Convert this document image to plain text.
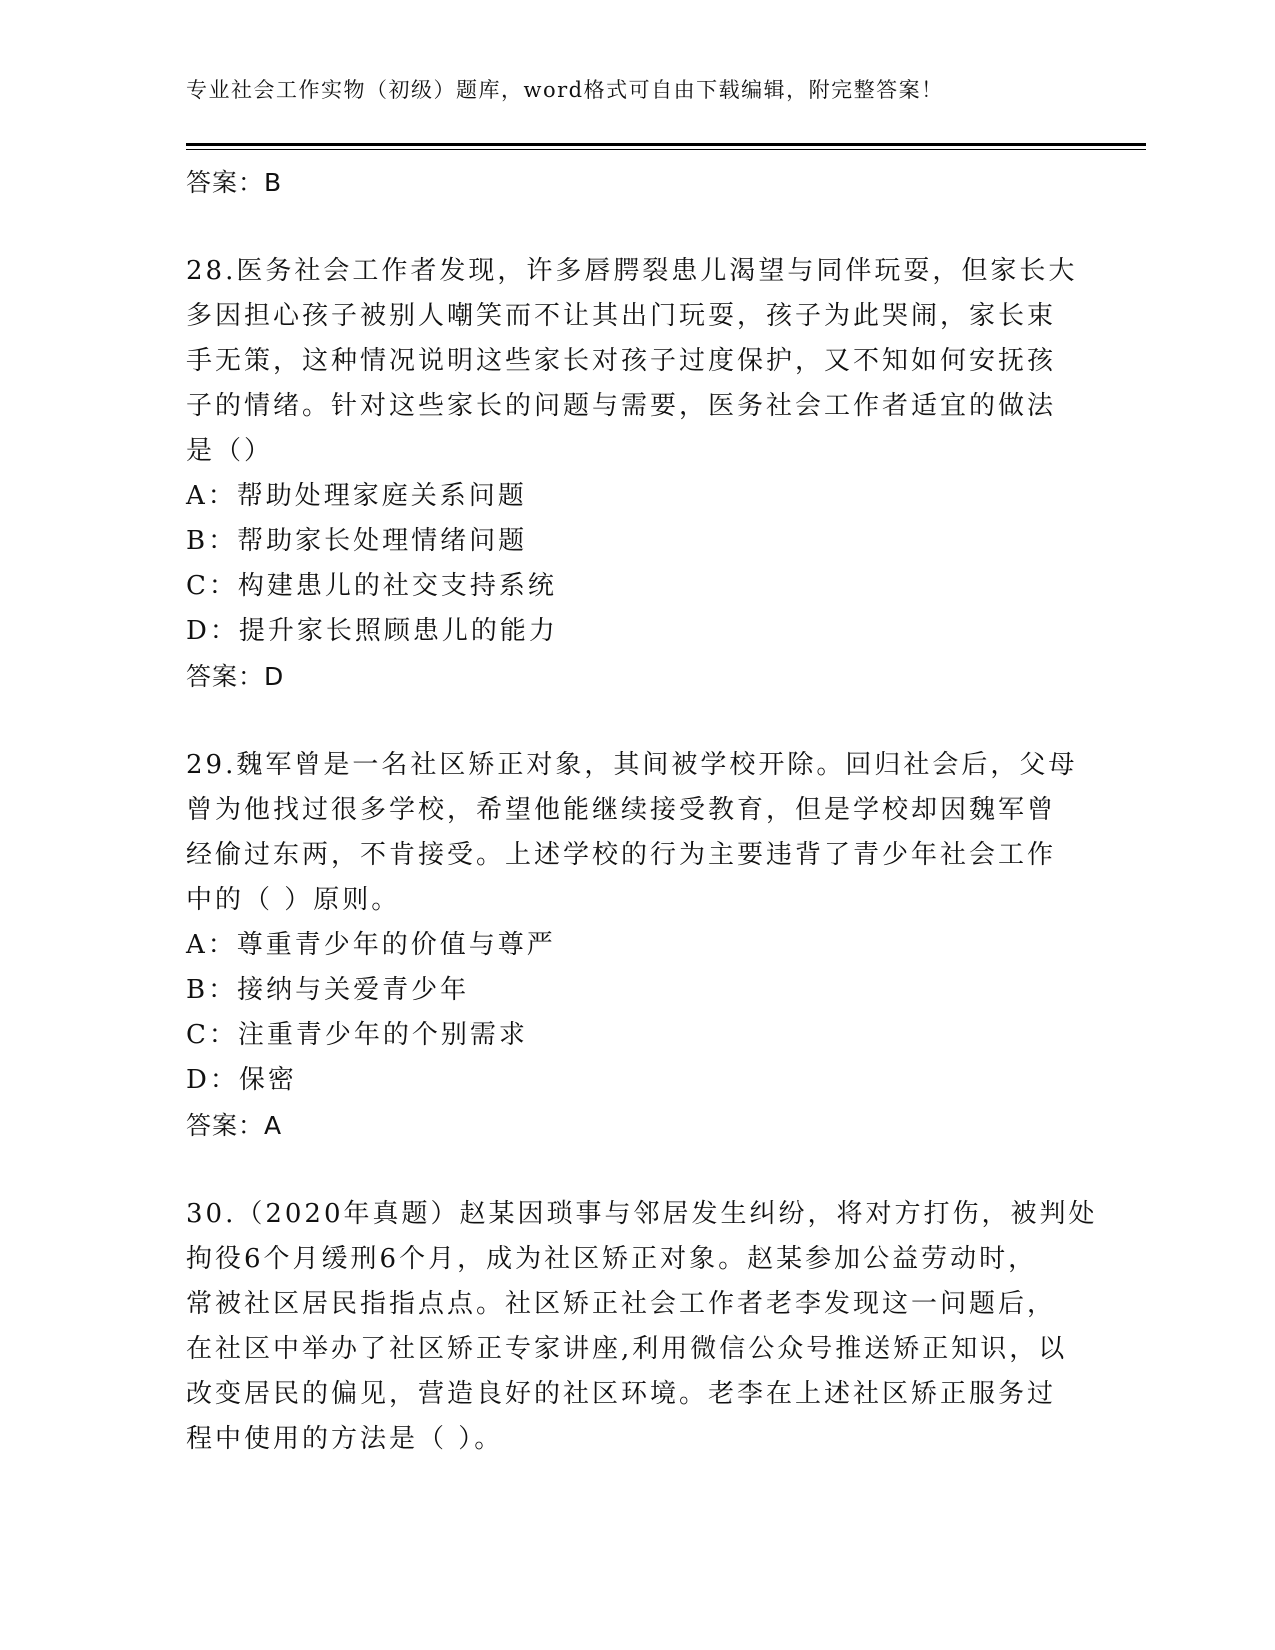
专业社会工作实物（初级）题库，word格式可自由下载编辑，附完整答案！
答案：B
28.医务社会工作者发现，许多唇腭裂患儿渴望与同伴玩耍，但家长大
多因担心孩子被别人嘲笑而不让其出门玩耍，孩子为此哭闹，家长束
手无策，这种情况说明这些家长对孩子过度保护，又不知如何安抚孩
子的情绪。针对这些家长的问题与需要，医务社会工作者适宜的做法
是（）
A：帮助处理家庭关系问题
B：帮助家长处理情绪问题
C：构建患儿的社交支持系统
D：提升家长照顾患儿的能力
答案：D
29.魏军曾是一名社区矫正对象，其间被学校开除。回归社会后，父母
曾为他找过很多学校，希望他能继续接受教育，但是学校却因魏军曾
经偷过东两，不肯接受。上述学校的行为主要违背了青少年社会工作
中的（ ）原则。
A：尊重青少年的价值与尊严
B：接纳与关爱青少年
C：注重青少年的个别需求
D：保密
答案：A
30.（2020年真题）赵某因琐事与邻居发生纠纷，将对方打伤，被判处
拘役6个月缓刑6个月，成为社区矫正对象。赵某参加公益劳动时，
常被社区居民指指点点。社区矫正社会工作者老李发现这一问题后，
在社区中举办了社区矫正专家讲座,利用微信公众号推送矫正知识，以
改变居民的偏见，营造良好的社区环境。老李在上述社区矫正服务过
程中使用的方法是（ ）。
